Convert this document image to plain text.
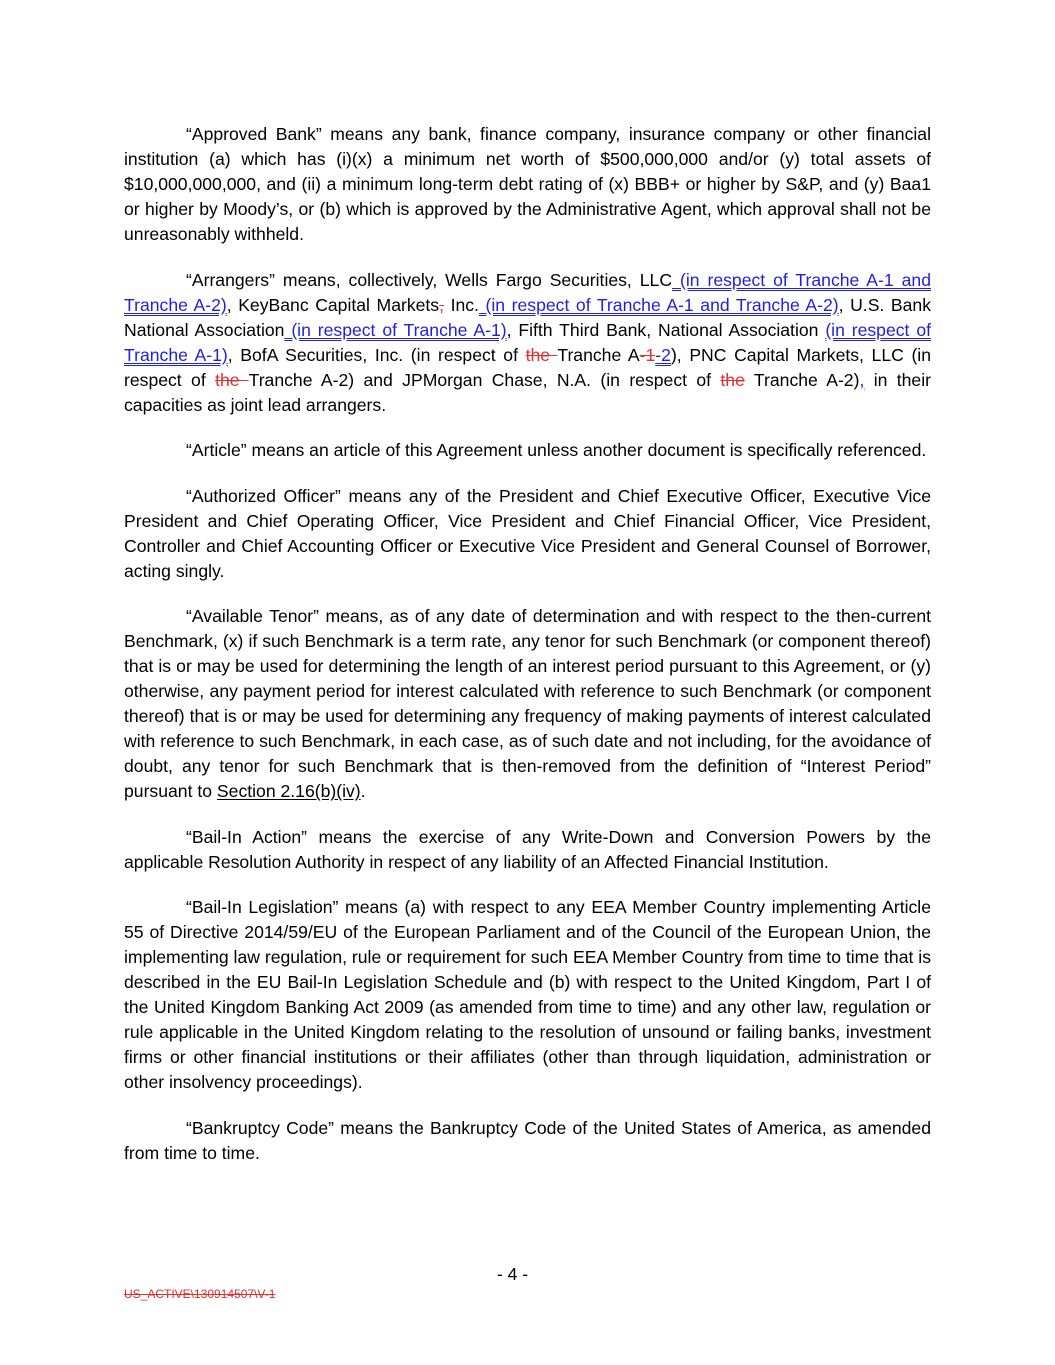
“Approved Bank” means any bank, finance company, insurance company or other financial institution (a) which has (i)(x) a minimum net worth of $500,000,000 and/or (y) total assets of $10,000,000,000, and (ii) a minimum long-term debt rating of (x) BBB+ or higher by S&P, and (y) Baa1 or higher by Moody’s, or (b) which is approved by the Administrative Agent, which approval shall not be unreasonably withheld.

“Arrangers” means, collectively, Wells Fargo Securities, LLC (in respect of Tranche A-1 and Tranche A-2), KeyBanc Capital Markets, Inc. (in respect of Tranche A-1 and Tranche A-2), U.S. Bank National Association (in respect of Tranche A-1), Fifth Third Bank, National Association (in respect of Tranche A-1), BofA Securities, Inc. (in respect of the Tranche A-1-2), PNC Capital Markets, LLC (in respect of the Tranche A-2) and JPMorgan Chase, N.A. (in respect of the Tranche A-2), in their capacities as joint lead arrangers.

“Article” means an article of this Agreement unless another document is specifically referenced.

“Authorized Officer” means any of the President and Chief Executive Officer, Executive Vice President and Chief Operating Officer, Vice President and Chief Financial Officer, Vice President, Controller and Chief Accounting Officer or Executive Vice President and General Counsel of Borrower, acting singly.

“Available Tenor” means, as of any date of determination and with respect to the then-current Benchmark, (x) if such Benchmark is a term rate, any tenor for such Benchmark (or component thereof) that is or may be used for determining the length of an interest period pursuant to this Agreement, or (y) otherwise, any payment period for interest calculated with reference to such Benchmark (or component thereof) that is or may be used for determining any frequency of making payments of interest calculated with reference to such Benchmark, in each case, as of such date and not including, for the avoidance of doubt, any tenor for such Benchmark that is then-removed from the definition of “Interest Period” pursuant to Section 2.16(b)(iv).

“Bail-In Action” means the exercise of any Write-Down and Conversion Powers by the applicable Resolution Authority in respect of any liability of an Affected Financial Institution.

“Bail-In Legislation” means (a) with respect to any EEA Member Country implementing Article 55 of Directive 2014/59/EU of the European Parliament and of the Council of the European Union, the implementing law regulation, rule or requirement for such EEA Member Country from time to time that is described in the EU Bail-In Legislation Schedule and (b) with respect to the United Kingdom, Part I of the United Kingdom Banking Act 2009 (as amended from time to time) and any other law, regulation or rule applicable in the United Kingdom relating to the resolution of unsound or failing banks, investment firms or other financial institutions or their affiliates (other than through liquidation, administration or other insolvency proceedings).

“Bankruptcy Code” means the Bankruptcy Code of the United States of America, as amended from time to time.

- 4 -
US_ACTIVE\130914507\V-1
